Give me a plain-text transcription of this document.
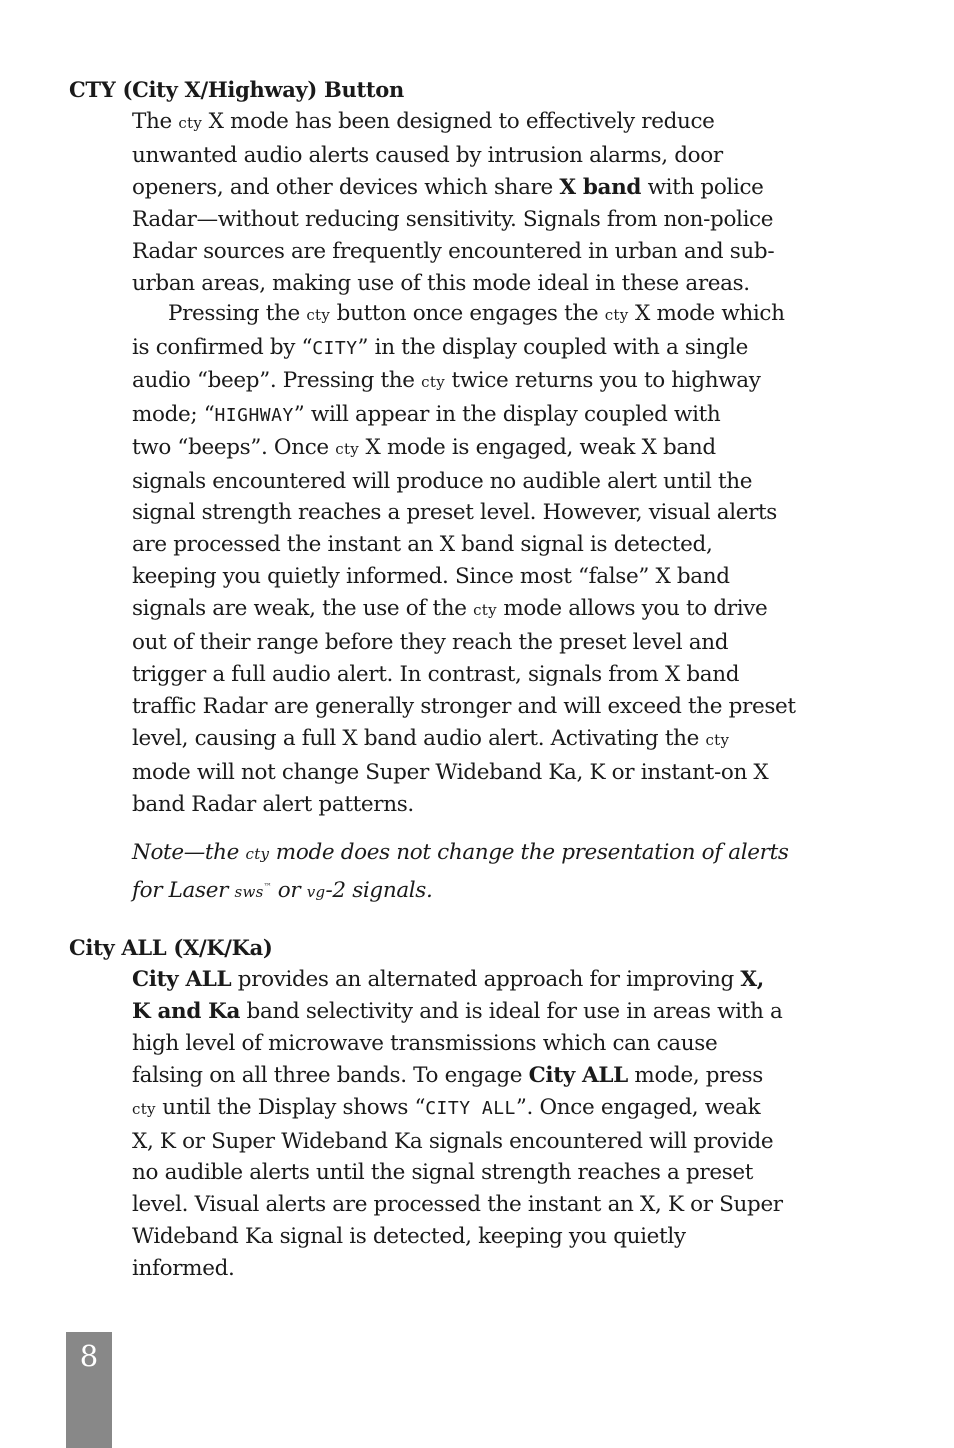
CTY (City X/Highway) Button
The cty X mode has been designed to effectively reduce
unwanted audio alerts caused by intrusion alarms, door
openers, and other devices which share X band with police
Radar—without reducing sensitivity. Signals from non-police
Radar sources are frequently encountered in urban and sub-
urban areas, making use of this mode ideal in these areas.
Pressing the cty button once engages the cty X mode which
is confirmed by “CITY” in the display coupled with a single
audio “beep”. Pressing the cty twice returns you to highway
mode; “HIGHWAY” will appear in the display coupled with
two “beeps”. Once cty X mode is engaged, weak X band
signals encountered will produce no audible alert until the
signal strength reaches a preset level. However, visual alerts
are processed the instant an X band signal is detected,
keeping you quietly informed. Since most “false” X band
signals are weak, the use of the cty mode allows you to drive
out of their range before they reach the preset level and
trigger a full audio alert. In contrast, signals from X band
traffic Radar are generally stronger and will exceed the preset
level, causing a full X band audio alert. Activating the cty
mode will not change Super Wideband Ka, K or instant-on X
band Radar alert patterns.
Note—the cty mode does not change the presentation of alerts
for Laser sws™ or vg-2 signals.
City ALL (X/K/Ka)
City ALL provides an alternated approach for improving X,
K and Ka band selectivity and is ideal for use in areas with a
high level of microwave transmissions which can cause
falsing on all three bands. To engage City ALL mode, press
cty until the Display shows “CITY ALL”. Once engaged, weak
X, K or Super Wideband Ka signals encountered will provide
no audible alerts until the signal strength reaches a preset
level. Visual alerts are processed the instant an X, K or Super
Wideband Ka signal is detected, keeping you quietly
informed.
8
